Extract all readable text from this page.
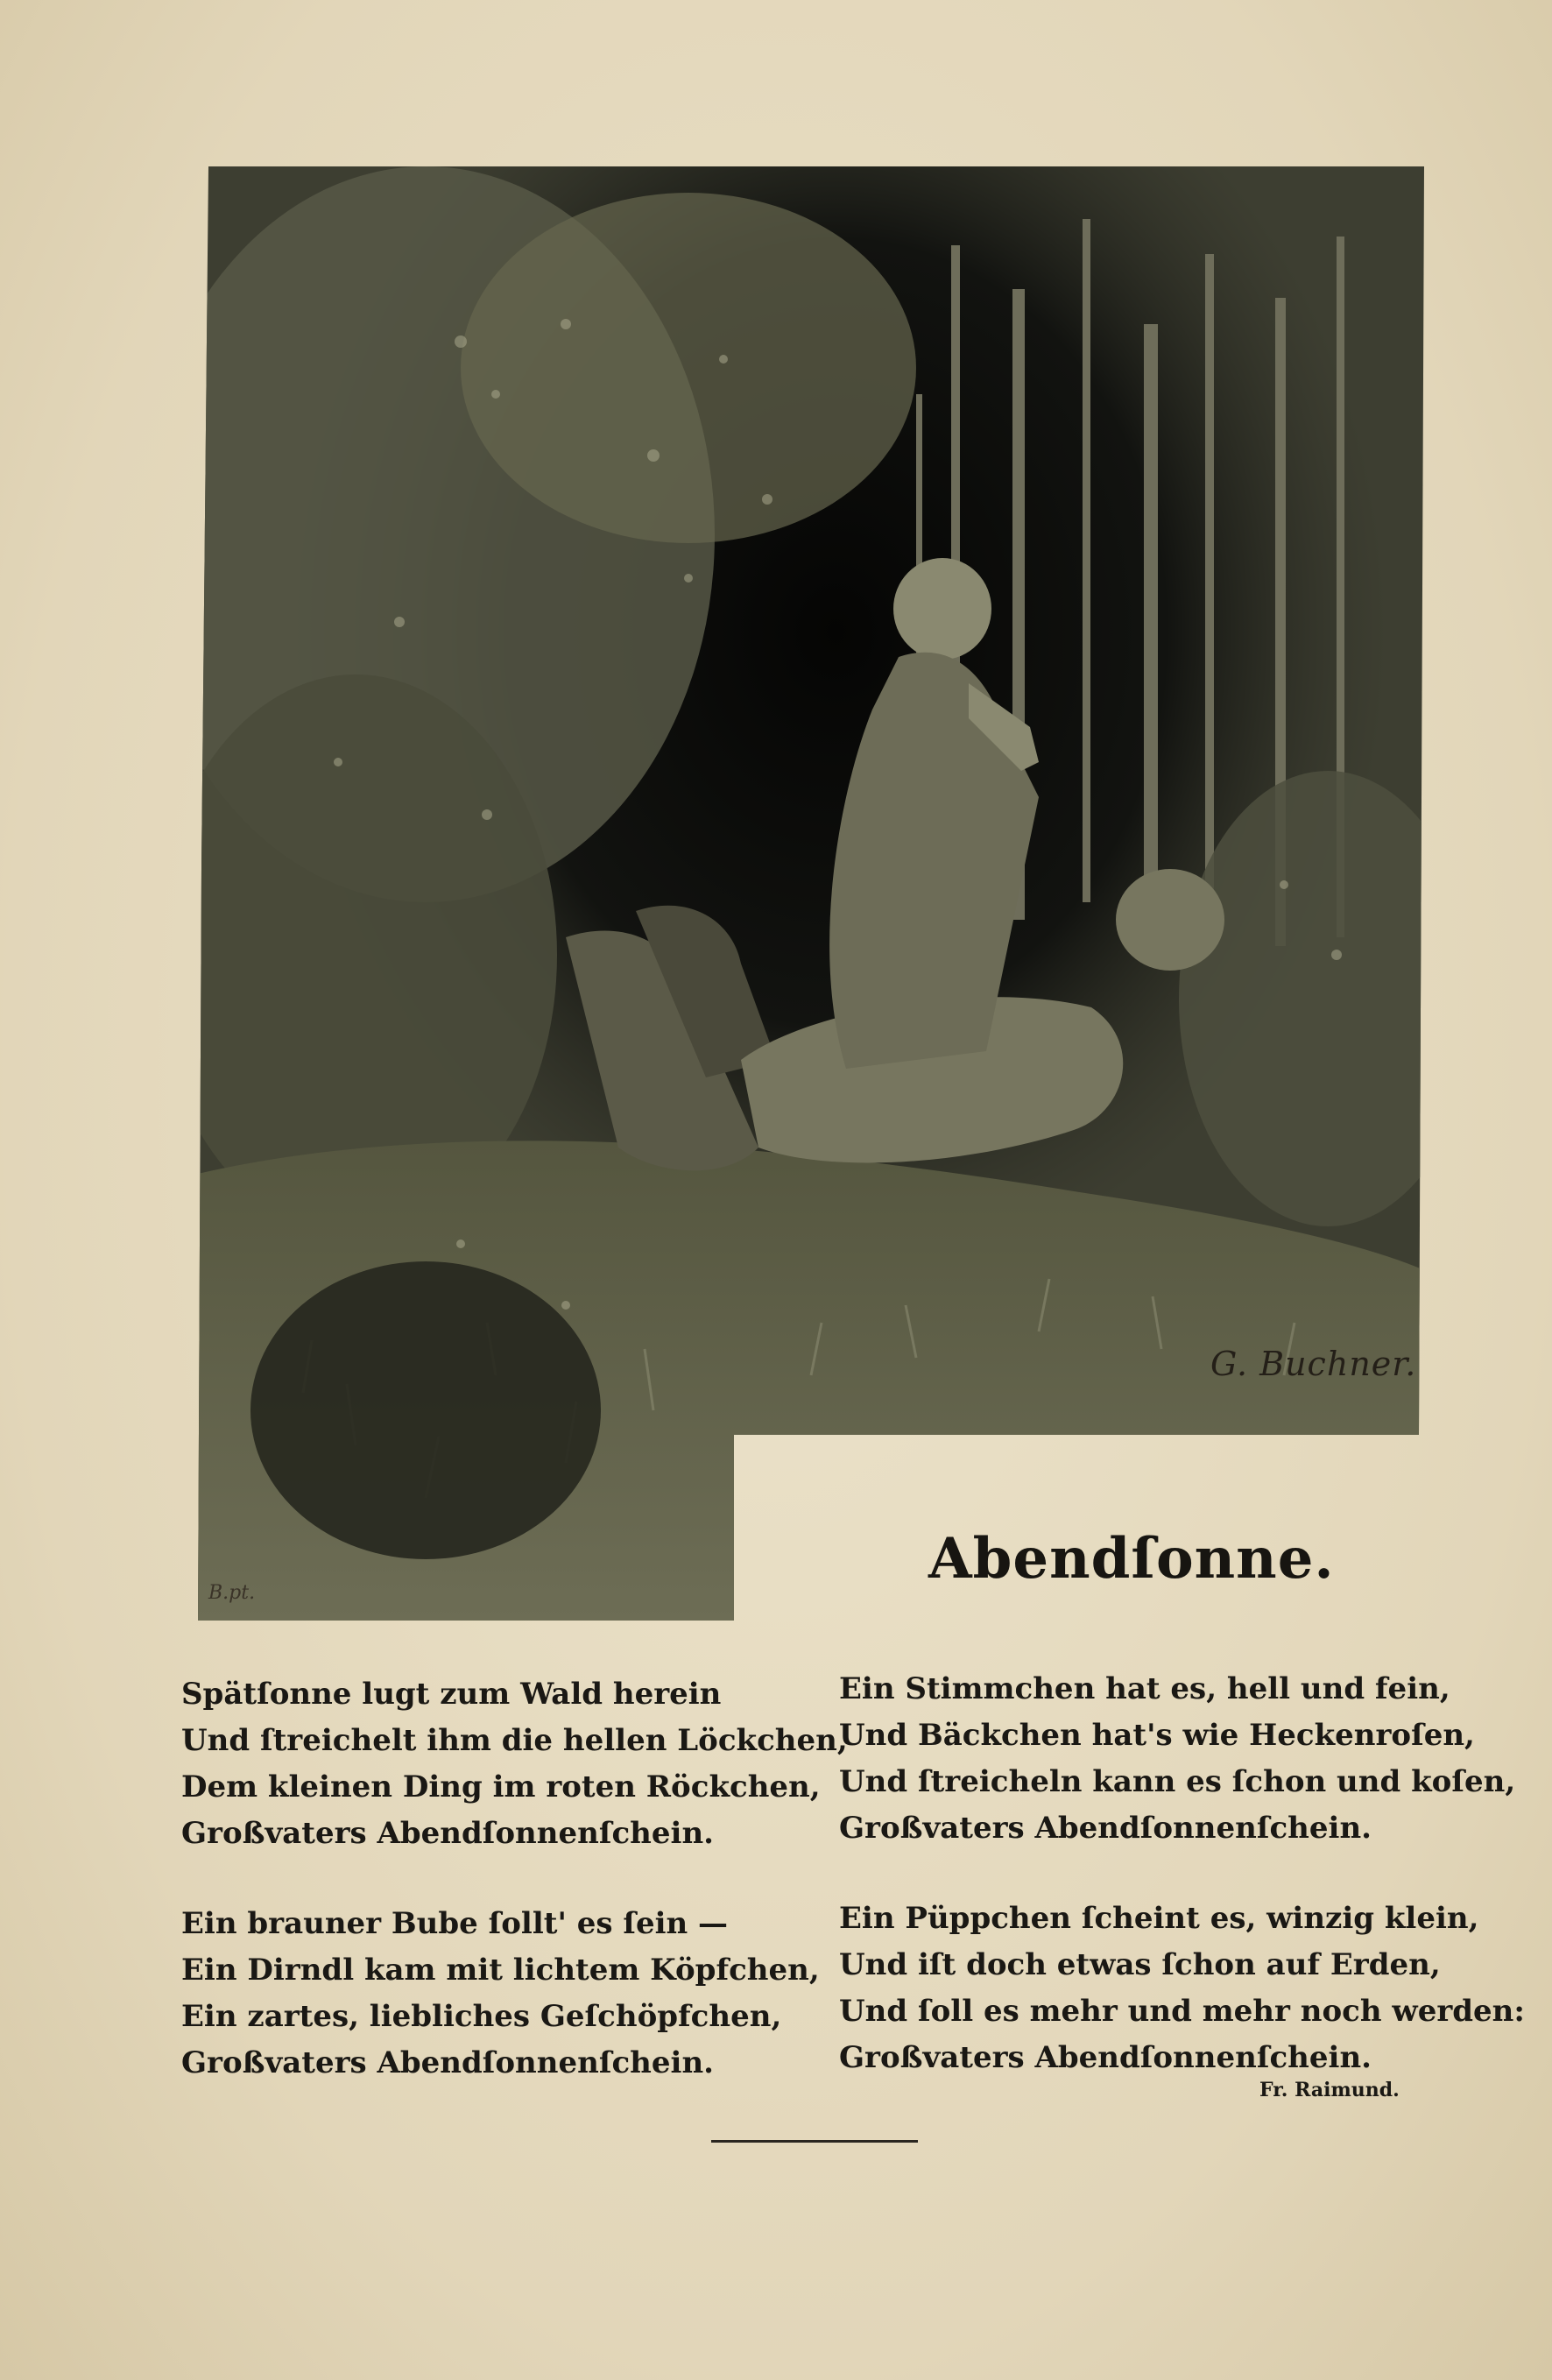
G. Buchner.
B.pt.
Abendſonne.
Spätſonne lugt zum Wald herein
Und ſtreichelt ihm die hellen Löckchen,
Dem kleinen Ding im roten Röckchen,
Großvaters Abendſonnenſchein.
Ein brauner Bube ſollt' es ſein —
Ein Dirndl kam mit lichtem Köpfchen,
Ein zartes, liebliches Geſchöpfchen,
Großvaters Abendſonnenſchein.
Ein Stimmchen hat es, hell und fein,
Und Bäckchen hat's wie Heckenroſen,
Und ſtreicheln kann es ſchon und koſen,
Großvaters Abendſonnenſchein.
Ein Püppchen ſcheint es, winzig klein,
Und iſt doch etwas ſchon auf Erden,
Und ſoll es mehr und mehr noch werden:
Großvaters Abendſonnenſchein.
Fr. Raimund.
